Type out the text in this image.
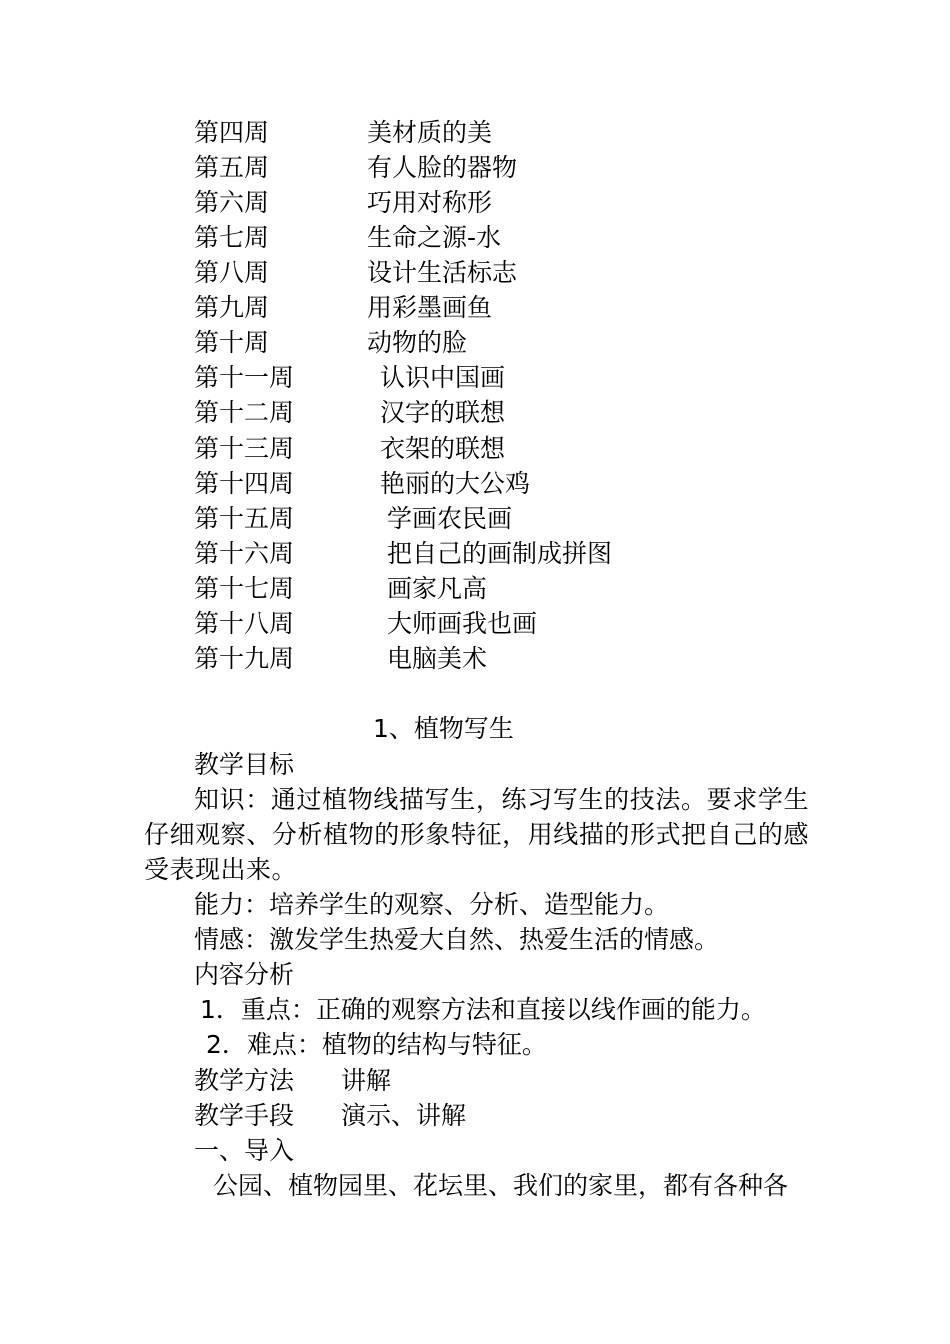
第四周	美材质的美
第五周	有人脸的器物
第六周	巧用对称形
第七周	生命之源-水
第八周	设计生活标志
第九周	用彩墨画鱼
第十周	动物的脸
第十一周	认识中国画
第十二周	汉字的联想
第十三周	衣架的联想
第十四周	艳丽的大公鸡
第十五周	学画农民画
第十六周	把自己的画制成拼图
第十七周	画家凡高
第十八周	大师画我也画
第十九周	电脑美术
1、植物写生
教学目标
知识：通过植物线描写生，练习写生的技法。要求学生仔细观察、分析植物的形象特征，用线描的形式把自己的感受表现出来。
能力：培养学生的观察、分析、造型能力。
情感：激发学生热爱大自然、热爱生活的情感。
内容分析
1．重点：正确的观察方法和直接以线作画的能力。
2．难点：植物的结构与特征。
教学方法 讲解
教学手段 演示、讲解
一、导入
公园、植物园里、花坛里、我们的家里，都有各种各
